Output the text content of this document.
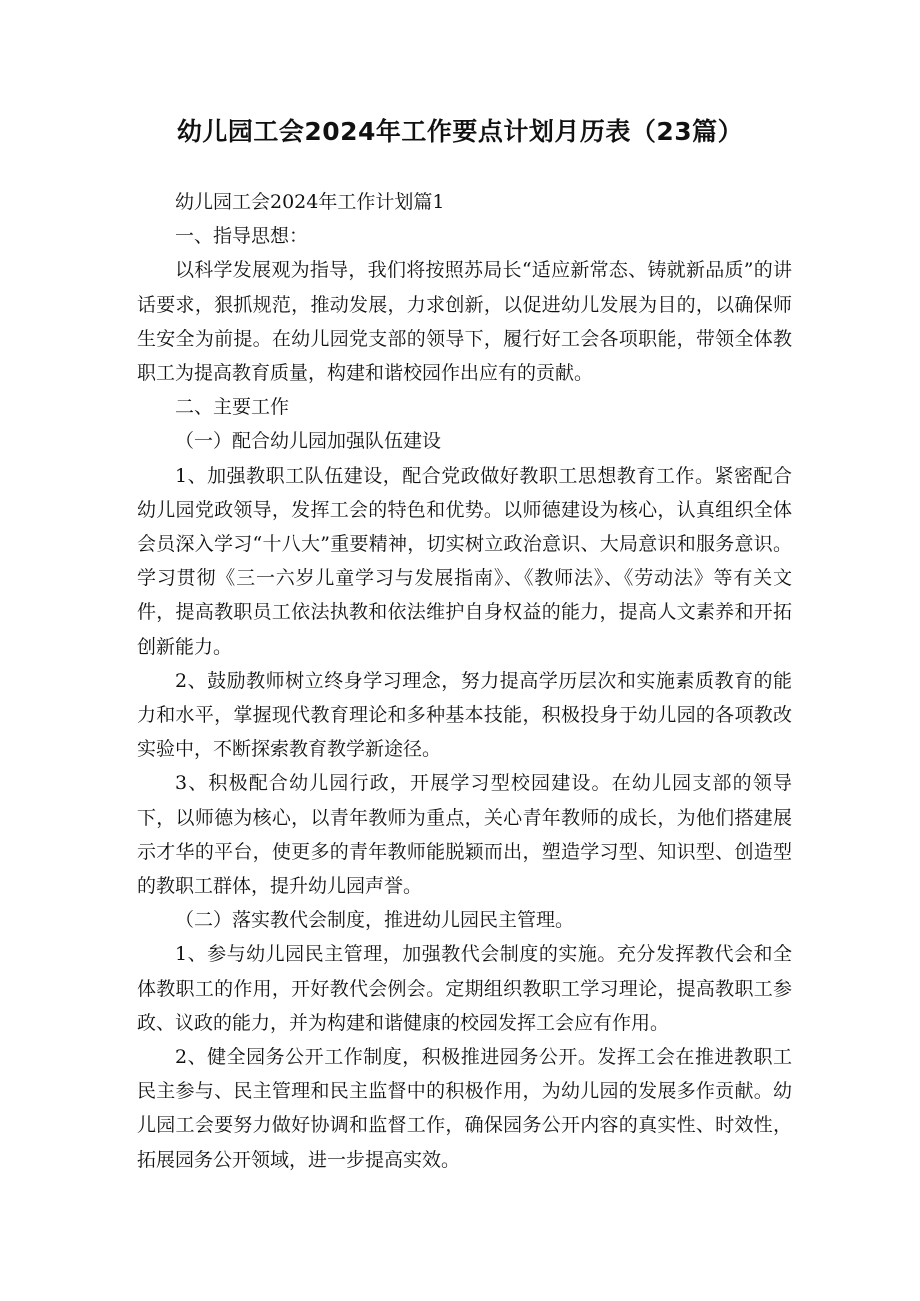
幼儿园工会2024年工作要点计划月历表（23篇）

幼儿园工会2024年工作计划篇1

一、指导思想：

以科学发展观为指导，我们将按照苏局长“适应新常态、铸就新品质”的讲话要求，狠抓规范，推动发展，力求创新，以促进幼儿发展为目的，以确保师生安全为前提。在幼儿园党支部的领导下，履行好工会各项职能，带领全体教职工为提高教育质量，构建和谐校园作出应有的贡献。

二、主要工作

（一）配合幼儿园加强队伍建设

1、加强教职工队伍建设，配合党政做好教职工思想教育工作。紧密配合幼儿园党政领导，发挥工会的特色和优势。以师德建设为核心，认真组织全体会员深入学习“十八大”重要精神，切实树立政治意识、大局意识和服务意识。学习贯彻《三一六岁儿童学习与发展指南》、《教师法》、《劳动法》等有关文件，提高教职员工依法执教和依法维护自身权益的能力，提高人文素养和开拓创新能力。

2、鼓励教师树立终身学习理念，努力提高学历层次和实施素质教育的能力和水平，掌握现代教育理论和多种基本技能，积极投身于幼儿园的各项教改实验中，不断探索教育教学新途径。

3、积极配合幼儿园行政，开展学习型校园建设。在幼儿园支部的领导下，以师德为核心，以青年教师为重点，关心青年教师的成长，为他们搭建展示才华的平台，使更多的青年教师能脱颖而出，塑造学习型、知识型、创造型的教职工群体，提升幼儿园声誉。

（二）落实教代会制度，推进幼儿园民主管理。

1、参与幼儿园民主管理，加强教代会制度的实施。充分发挥教代会和全体教职工的作用，开好教代会例会。定期组织教职工学习理论，提高教职工参政、议政的能力，并为构建和谐健康的校园发挥工会应有作用。

2、健全园务公开工作制度，积极推进园务公开。发挥工会在推进教职工民主参与、民主管理和民主监督中的积极作用，为幼儿园的发展多作贡献。幼儿园工会要努力做好协调和监督工作，确保园务公开内容的真实性、时效性，拓展园务公开领域，进一步提高实效。
